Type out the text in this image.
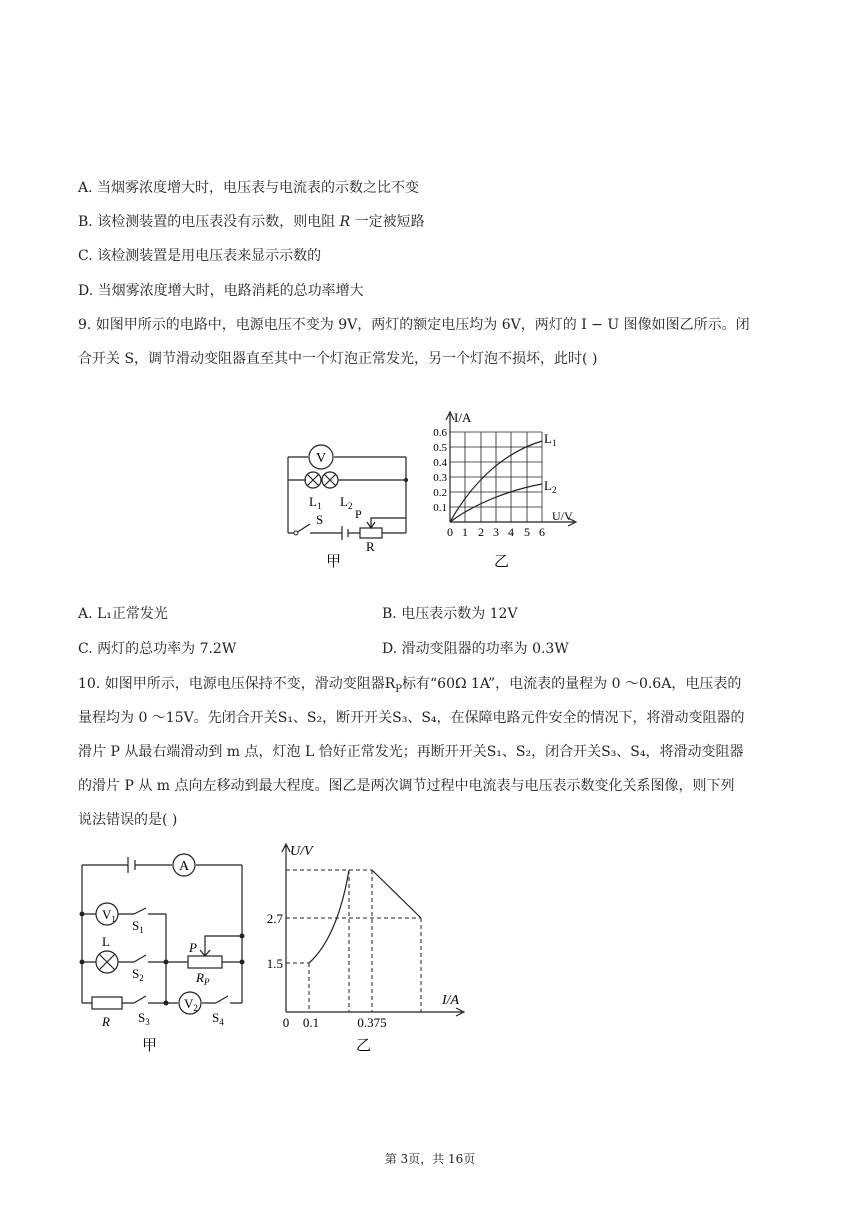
A. 当烟雾浓度增大时，电压表与电流表的示数之比不变
B. 该检测装置的电压表没有示数，则电阻 R 一定被短路
C. 该检测装置是用电压表来显示示数的
D. 当烟雾浓度增大时，电路消耗的总功率增大
9. 如图甲所示的电路中，电源电压不变为 9V，两灯的额定电压均为 6V，两灯的 I − U 图像如图乙所示。闭
合开关 S，调节滑动变阻器直至其中一个灯泡正常发光，另一个灯泡不损坏，此时( )
V
$L_1$ $L_2$
S	P
R
甲
I/A
U/V
0.6
0.5
0.4
0.3
0.2
0.1
0 1 2 3 4 5 6
$L_1$
$L_2$
乙
A. L₁正常发光	B. 电压表示数为 12V
C. 两灯的总功率为 7.2W	D. 滑动变阻器的功率为 0.3W
10. 如图甲所示，电源电压保持不变，滑动变阻器$R_P$标有“60Ω 1A”，电流表的量程为 0 ～0.6A，电压表的
量程均为 0 ～15V。先闭合开关S₁、S₂，断开开关S₃、S₄，在保障电路元件安全的情况下，将滑动变阻器的
滑片 P 从最右端滑动到 m 点，灯泡 L 恰好正常发光；再断开开关S₁、S₂，闭合开关S₃、S₄，将滑动变阻器
的滑片 P 从 m 点向左移动到最大程度。图乙是两次调节过程中电流表与电压表示数变化关系图像，则下列
说法错误的是( )
A
$V_1$ $S_1$
L
$S_2$
P
$R_P$
$V_2$
R $S_3$	$S_4$
甲
U/V
I/A
2.7
1.5
0 0.1	0.375
乙
第 3页，共 16页
